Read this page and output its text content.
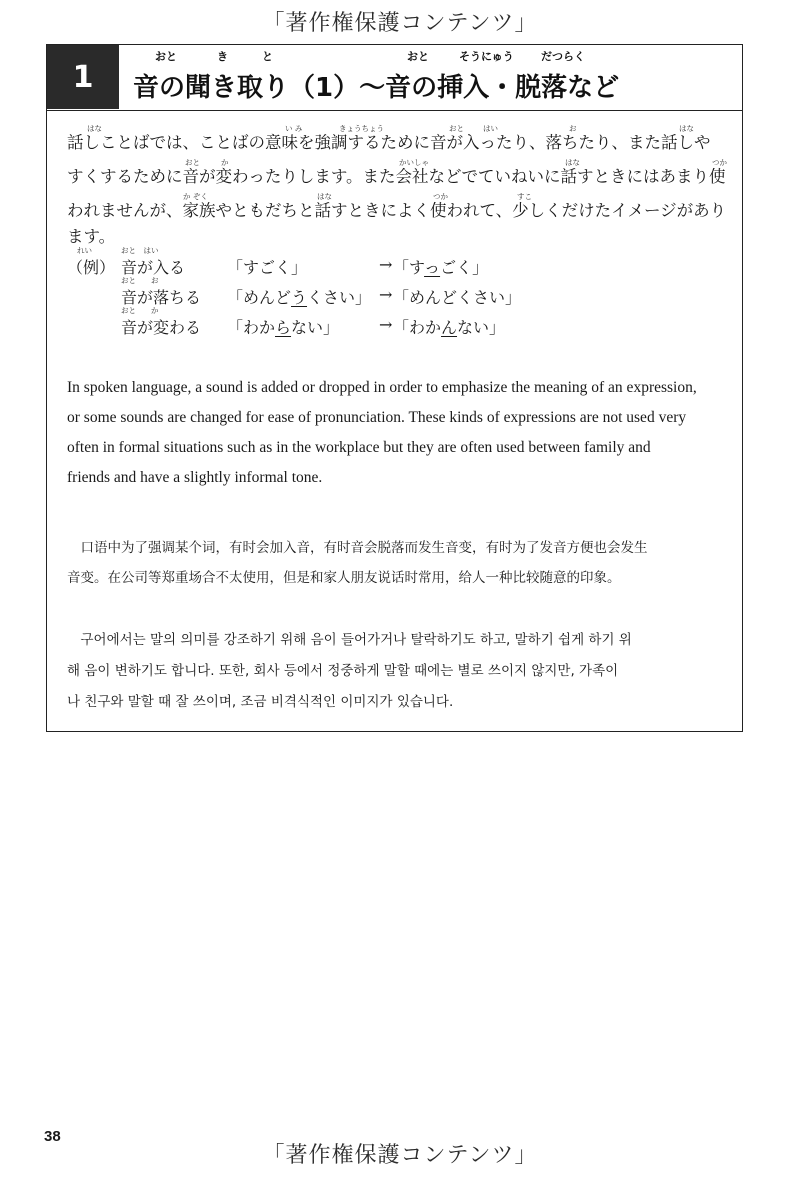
「著作権保護コンテンツ」
1
おと	き	と	おと	そうにゅう だつらく
音の聞き取り（1）～音の挿入・脱落など
はな	い み	きょうちょう	おと	はい	お	はな
話しことばでは、ことばの意味を強調するために音が入ったり、落ちたり、また話しや
おと	か	かいしゃ	はな	つか
すくするために音が変わったりします。また会社などでていねいに話すときにはあまり使
か ぞく	はな	つか	すこ
われませんが、家族やともだちと話すときによく使われて、少しくだけたイメージがあり
ます。
れい
（例）
おと　はい
音が入る	「すごく」	→ 「すっごく」
おと　　お
音が落ちる 「めんどうくさい」 → 「めんどくさい」
おと　　か
音が変わる 「わからない」 → 「わかんない」
In spoken language, a sound is added or dropped in order to emphasize the meaning of an expression,
or some sounds are changed for ease of pronunciation. These kinds of expressions are not used very
often in formal situations such as in the workplace but they are often used between family and
friends and have a slightly informal tone.
　口语中为了强调某个词，有时会加入音，有时音会脱落而发生音变，有时为了发音方便也会发生
音变。在公司等郑重场合不太使用，但是和家人朋友说话时常用，给人一种比较随意的印象。
　구어에서는 말의 의미를 강조하기 위해 음이 들어가거나 탈락하기도 하고, 말하기 쉽게 하기 위
해 음이 변하기도 합니다. 또한, 회사 등에서 정중하게 말할 때에는 별로 쓰이지 않지만, 가족이
나 친구와 말할 때 잘 쓰이며, 조금 비격식적인 이미지가 있습니다.
38
「著作権保護コンテンツ」
